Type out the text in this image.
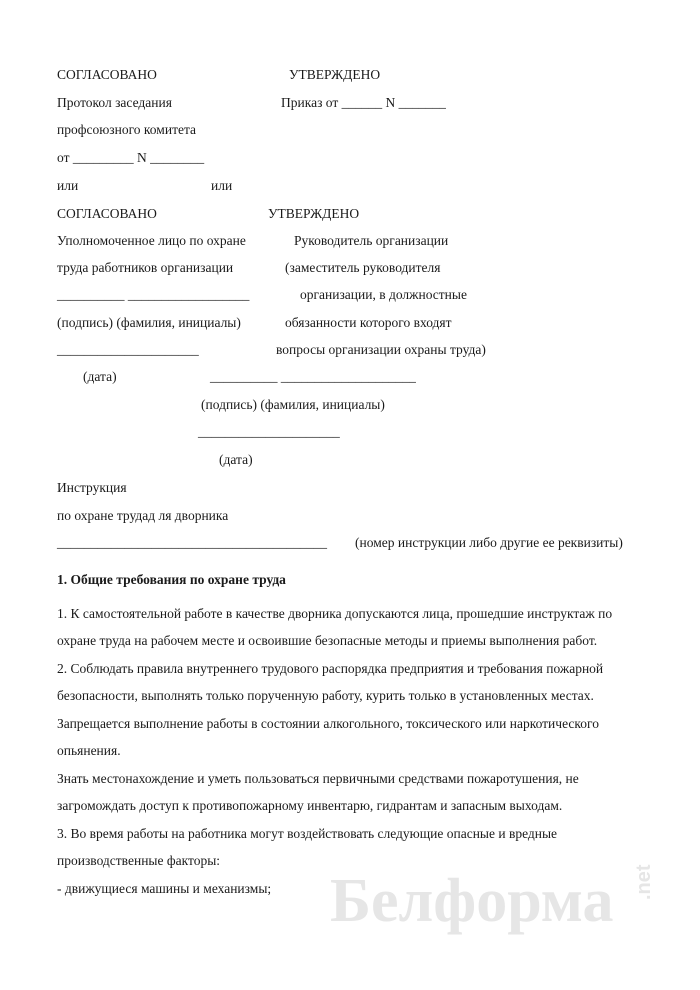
СОГЛАСОВАНО	УТВЕРЖДЕНО
Протокол заседания	Приказ от ______ N _______
профсоюзного комитета
от _________ N ________
или	или
СОГЛАСОВАНО	УТВЕРЖДЕНО
Уполномоченное лицо по охране	Руководитель организации
труда работников организации	(заместитель руководителя
__________ __________________	организации, в должностные
(подпись) (фамилия, инициалы)	обязанности которого входят
_____________________	вопросы организации охраны труда)
(дата)	__________ ____________________
(подпись) (фамилия, инициалы)
_____________________
(дата)
Инструкция
по охране трудад ля дворника
________________________________________ (номер инструкции либо другие ее реквизиты)
1. Общие требования по охране труда
1. К самостоятельной работе в качестве дворника допускаются лица, прошедшие инструктаж по
охране труда на рабочем месте и освоившие безопасные методы и приемы выполнения работ.
2. Соблюдать правила внутреннего трудового распорядка предприятия и требования пожарной
безопасности, выполнять только порученную работу, курить только в установленных местах.
Запрещается выполнение работы в состоянии алкогольного, токсического или наркотического
опьянения.
Знать местонахождение и уметь пользоваться первичными средствами пожаротушения, не
загромождать доступ к противопожарному инвентарю, гидрантам и запасным выходам.
3. Во время работы на работника могут воздействовать следующие опасные и вредные
производственные факторы:
- движущиеся машины и механизмы; Белформа .net
